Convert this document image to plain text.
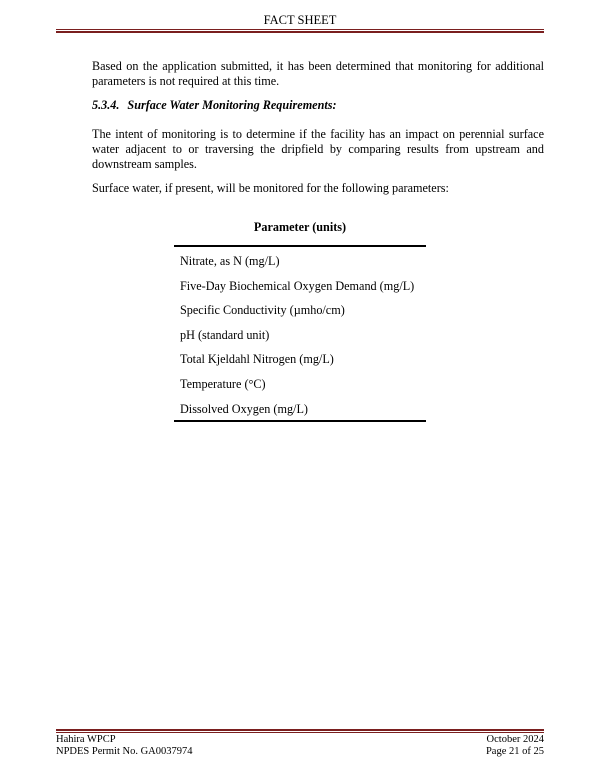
FACT SHEET
Based on the application submitted, it has been determined that monitoring for additional parameters is not required at this time.
5.3.4. Surface Water Monitoring Requirements:
The intent of monitoring is to determine if the facility has an impact on perennial surface water adjacent to or traversing the dripfield by comparing results from upstream and downstream samples.
Surface water, if present, will be monitored for the following parameters:
Parameter (units)
Nitrate, as N (mg/L)
Five-Day Biochemical Oxygen Demand (mg/L)
Specific Conductivity (µmho/cm)
pH (standard unit)
Total Kjeldahl Nitrogen (mg/L)
Temperature (°C)
Dissolved Oxygen (mg/L)
Hahira WPCP
NPDES Permit No. GA0037974
October 2024
Page 21 of 25
